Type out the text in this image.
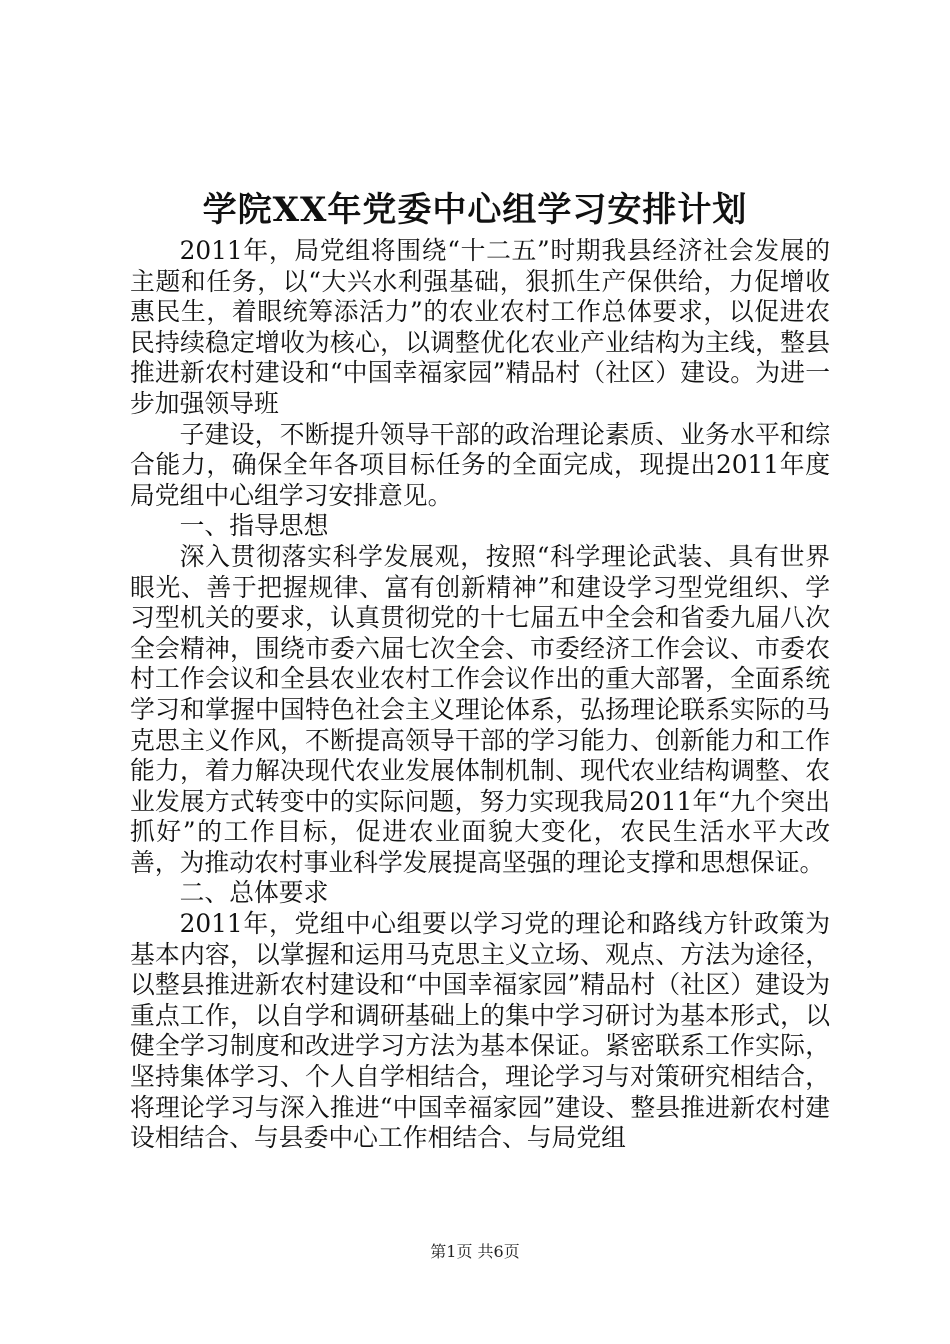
学院XX年党委中心组学习安排计划

2011年，局党组将围绕“十二五”时期我县经济社会发展的主题和任务，以“大兴水利强基础，狠抓生产保供给，力促增收惠民生，着眼统筹添活力”的农业农村工作总体要求，以促进农民持续稳定增收为核心，以调整优化农业产业结构为主线，整县推进新农村建设和“中国幸福家园”精品村（社区）建设。为进一步加强领导班

子建设，不断提升领导干部的政治理论素质、业务水平和综合能力，确保全年各项目标任务的全面完成，现提出2011年度局党组中心组学习安排意见。

一、指导思想

深入贯彻落实科学发展观，按照“科学理论武装、具有世界眼光、善于把握规律、富有创新精神”和建设学习型党组织、学习型机关的要求，认真贯彻党的十七届五中全会和省委九届八次全会精神，围绕市委六届七次全会、市委经济工作会议、市委农村工作会议和全县农业农村工作会议作出的重大部署，全面系统学习和掌握中国特色社会主义理论体系，弘扬理论联系实际的马克思主义作风，不断提高领导干部的学习能力、创新能力和工作能力，着力解决现代农业发展体制机制、现代农业结构调整、农业发展方式转变中的实际问题，努力实现我局2011年“九个突出抓好”的工作目标，促进农业面貌大变化，农民生活水平大改善，为推动农村事业科学发展提高坚强的理论支撑和思想保证。

二、总体要求

2011年，党组中心组要以学习党的理论和路线方针政策为基本内容，以掌握和运用马克思主义立场、观点、方法为途径，以整县推进新农村建设和“中国幸福家园”精品村（社区）建设为重点工作，以自学和调研基础上的集中学习研讨为基本形式，以健全学习制度和改进学习方法为基本保证。紧密联系工作实际，坚持集体学习、个人自学相结合，理论学习与对策研究相结合，将理论学习与深入推进“中国幸福家园”建设、整县推进新农村建设相结合、与县委中心工作相结合、与局党组

第1页 共6页
